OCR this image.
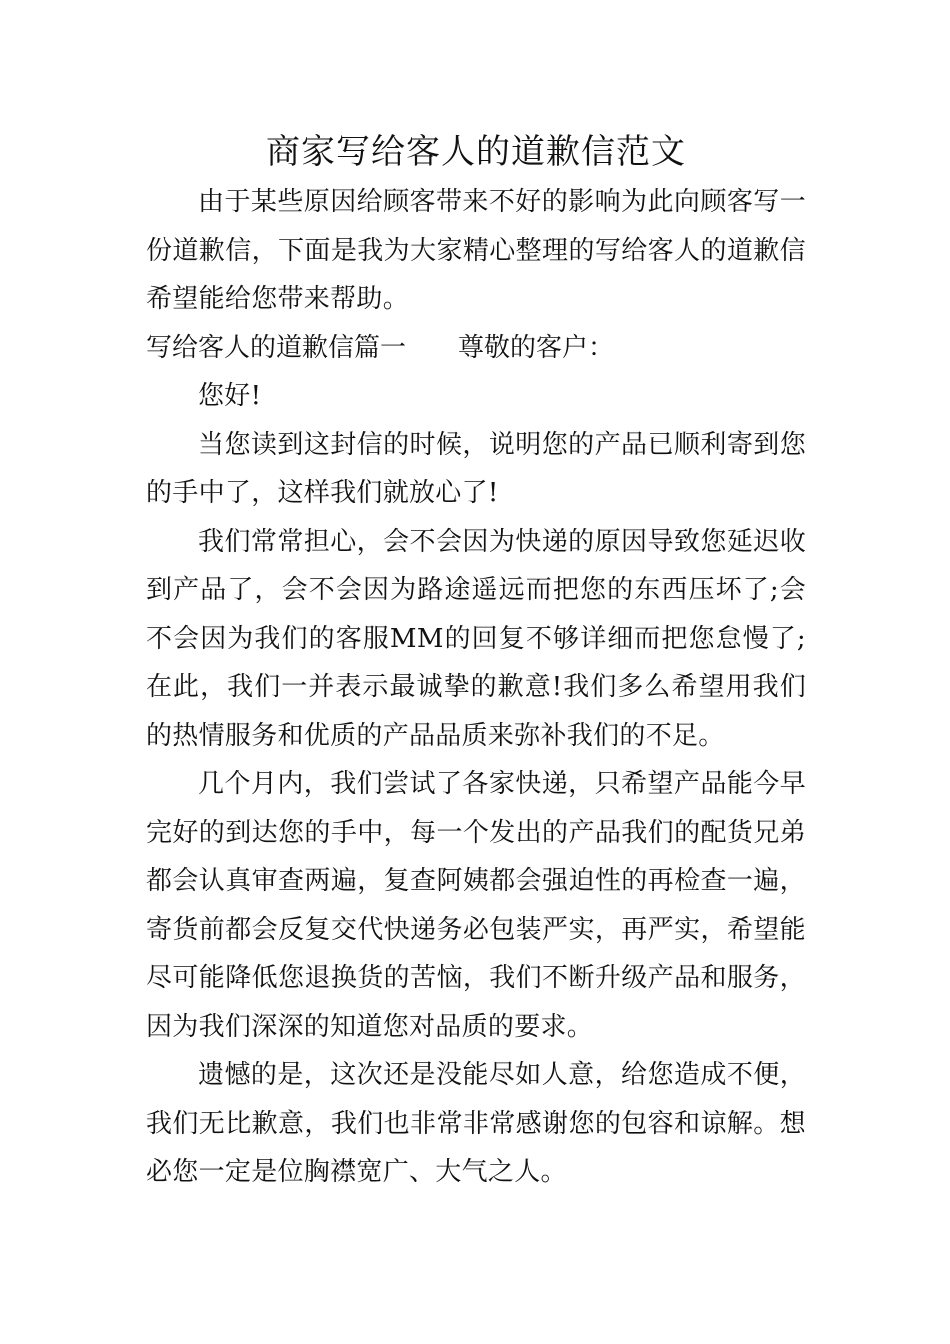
商家写给客人的道歉信范文

由于某些原因给顾客带来不好的影响为此向顾客写一份道歉信，下面是我为大家精心整理的写给客人的道歉信希望能给您带来帮助。

写给客人的道歉信篇一 尊敬的客户：

您好!

当您读到这封信的时候，说明您的产品已顺利寄到您的手中了，这样我们就放心了!

我们常常担心，会不会因为快递的原因导致您延迟收到产品了，会不会因为路途遥远而把您的东西压坏了;会不会因为我们的客服MM的回复不够详细而把您怠慢了;在此，我们一并表示最诚挚的歉意!我们多么希望用我们的热情服务和优质的产品品质来弥补我们的不足。

几个月内，我们尝试了各家快递，只希望产品能今早完好的到达您的手中，每一个发出的产品我们的配货兄弟都会认真审查两遍，复查阿姨都会强迫性的再检查一遍，寄货前都会反复交代快递务必包装严实，再严实，希望能尽可能降低您退换货的苦恼，我们不断升级产品和服务，因为我们深深的知道您对品质的要求。

遗憾的是，这次还是没能尽如人意，给您造成不便，我们无比歉意，我们也非常非常感谢您的包容和谅解。想必您一定是位胸襟宽广、大气之人。
